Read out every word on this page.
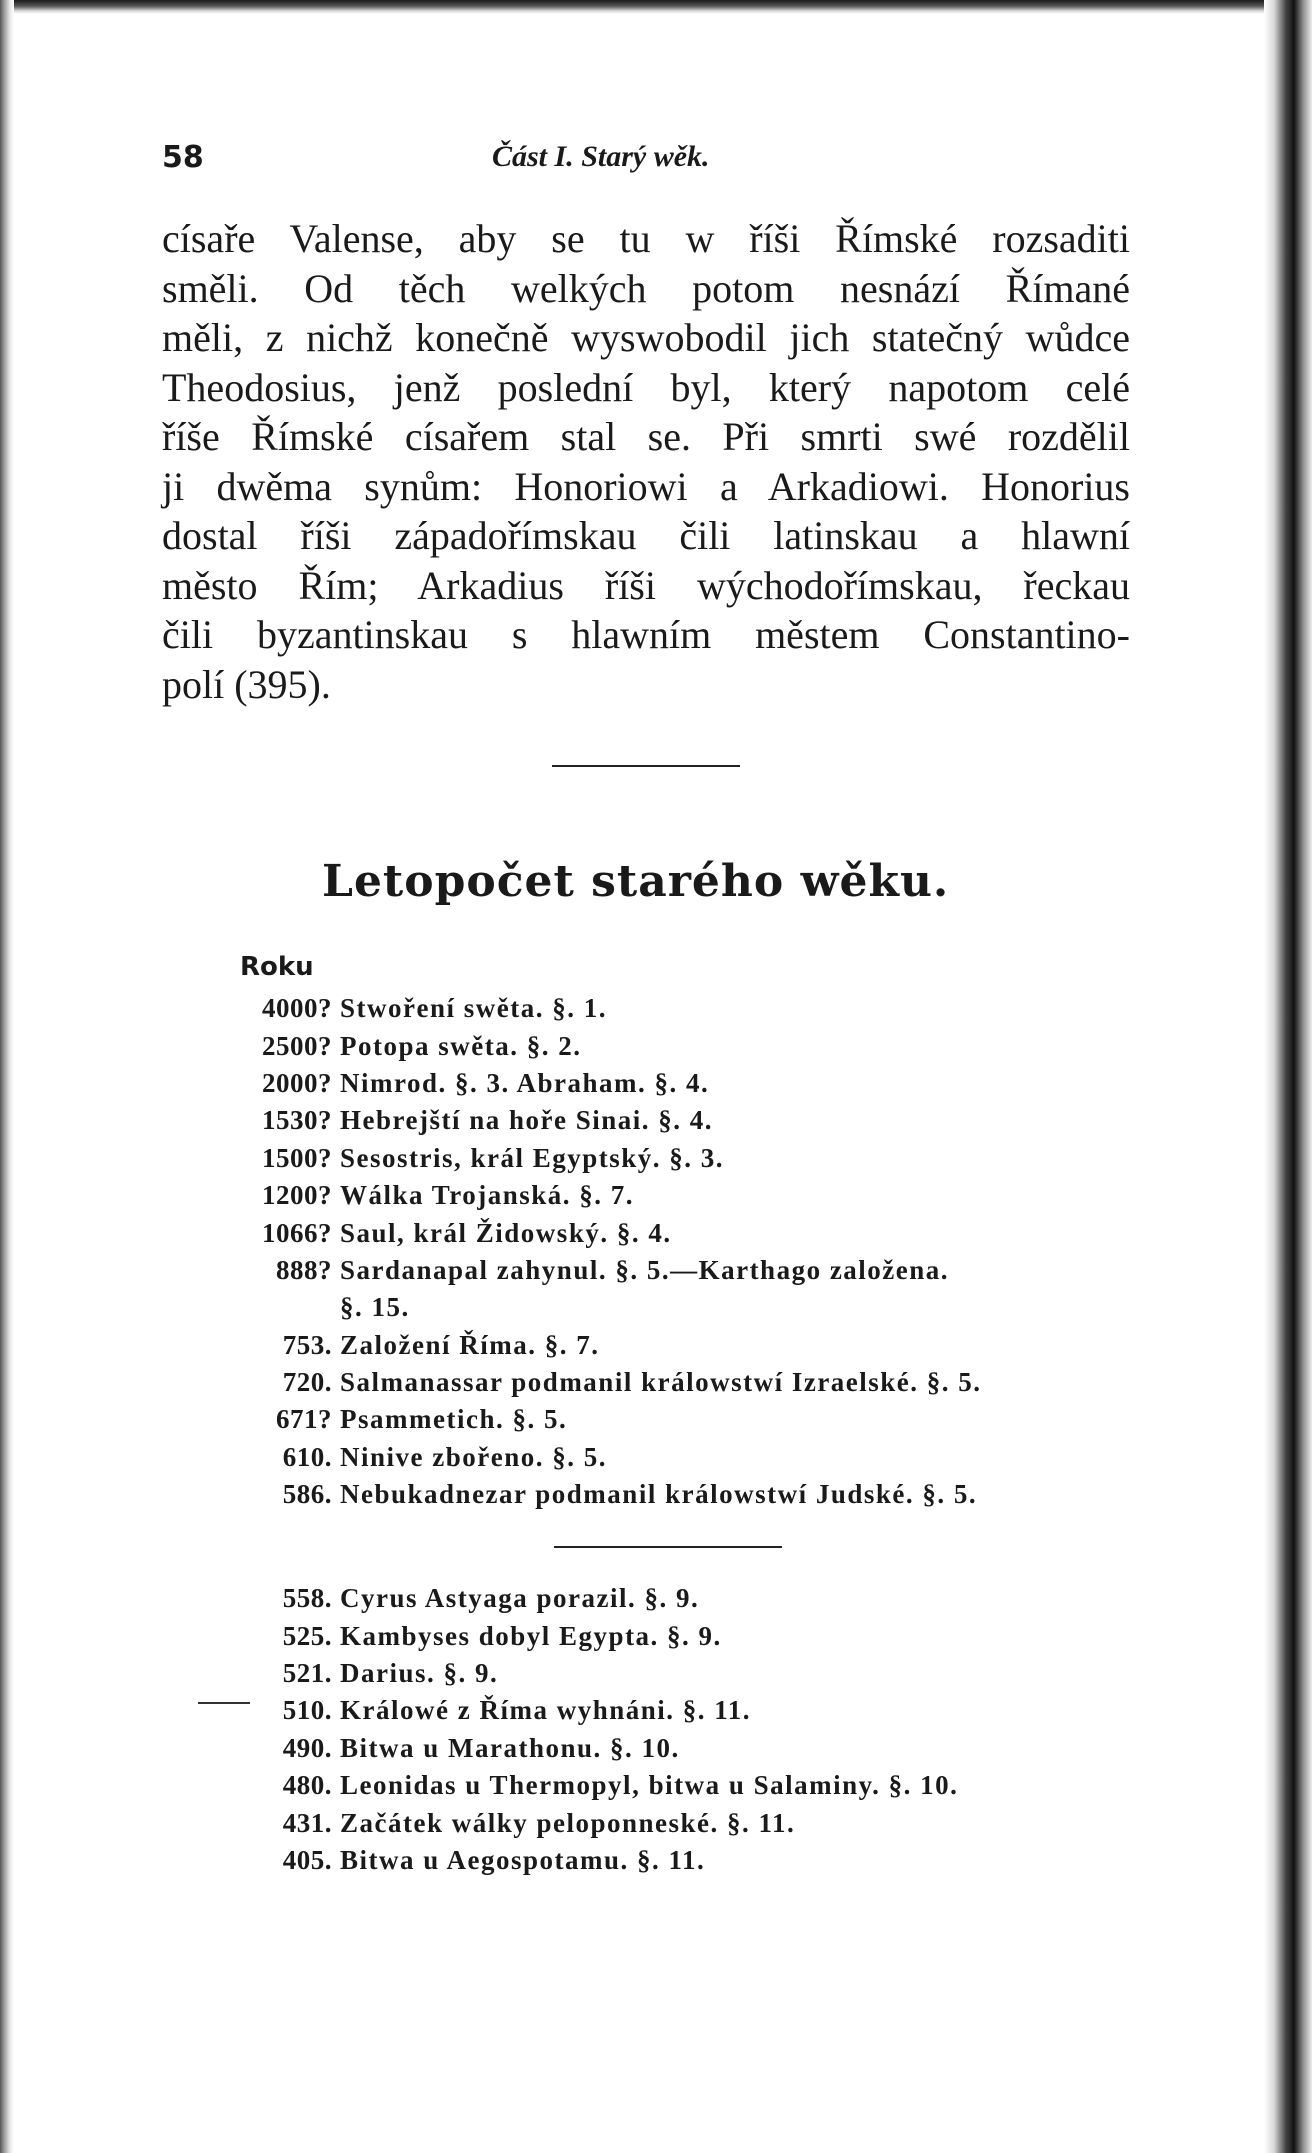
58	Část I. Starý wěk.

císaře Valense, aby se tu w říši Římské rozsaditi
směli. Od těch welkých potom nesnází Římané
měli, z nichž konečně wyswobodil jich statečný wůdce
Theodosius, jenž poslední byl, který napotom celé
říše Římské císařem stal se. Při smrti swé rozdělil
ji dwěma synům: Honoriowi a Arkadiowi. Honorius
dostal říši západořímskau čili latinskau a hlawní
město Řím; Arkadius říši wýchodořímskau, řeckau
čili byzantinskau s hlawním městem Constantino-
polí (395).

Letopočet starého wěku.
Roku
4000? Stwoření swěta. §. 1.
2500? Potopa swěta. §. 2.
2000? Nimrod. §. 3. Abraham. §. 4.
1530? Hebrejští na hoře Sinai. §. 4.
1500? Sesostris, král Egyptský. §. 3.
1200? Wálka Trojanská. §. 7.
1066? Saul, král Židowský. §. 4.
888? Sardanapal zahynul. §. 5.—Karthago založena.
§. 15.
753. Založení Říma. §. 7.
720. Salmanassar podmanil králowstwí Izraelské. §. 5.
671? Psammetich. §. 5.
610. Ninive zbořeno. §. 5.
586. Nebukadnezar podmanil králowstwí Judské. §. 5.
558. Cyrus Astyaga porazil. §. 9.
525. Kambyses dobyl Egypta. §. 9.
521. Darius. §. 9.
510. Králowé z Říma wyhnáni. §. 11.
490. Bitwa u Marathonu. §. 10.
480. Leonidas u Thermopyl, bitwa u Salaminy. §. 10.
431. Začátek wálky peloponneské. §. 11.
405. Bitwa u Aegospotamu. §. 11.
